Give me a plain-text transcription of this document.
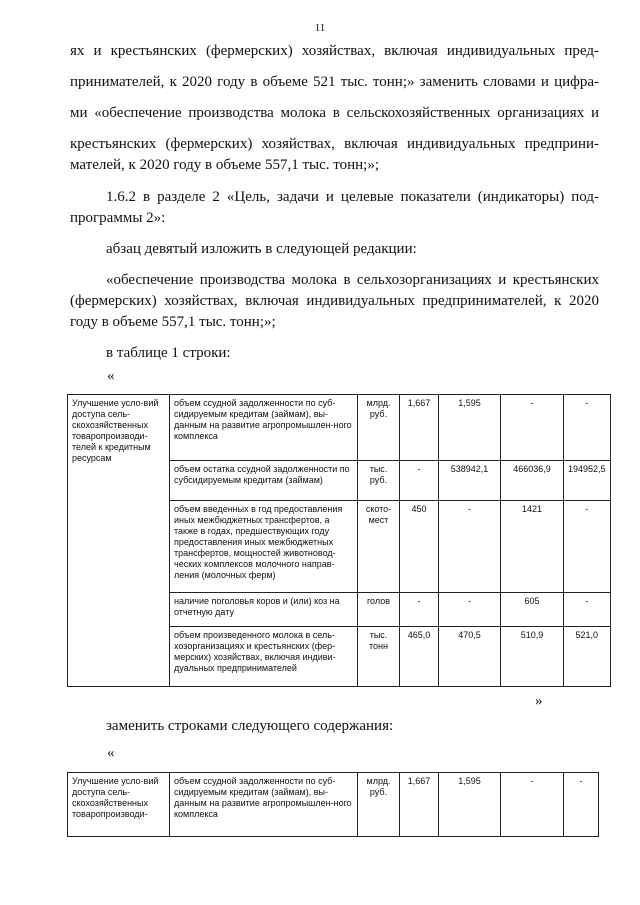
11

ях и крестьянских (фермерских) хозяйствах, включая индивидуальных пред-

принимателей, к 2020 году в объеме 521 тыс. тонн;» заменить словами и цифра-

ми «обеспечение производства молока в сельскохозяйственных организациях и

крестьянских (фермерских) хозяйствах, включая индивидуальных предприни-

мателей, к 2020 году в объеме 557,1 тыс. тонн;»;

1.6.2 в разделе 2 «Цель, задачи и целевые показатели (индикаторы) под-

программы 2»:

абзац девятый изложить в следующей редакции:

«обеспечение производства молока в сельхозорганизациях и крестьянских

(фермерских) хозяйствах, включая индивидуальных предпринимателей, к 2020

году в объеме 557,1 тыс. тонн;»;

в таблице 1 строки:

«
Улучшение усло-вий доступа сель-скохозяйственных товаропроизводи-телей к кредитным ресурсам	объем ссудной задолженности по суб-сидируемым кредитам (займам), вы-данным на развитие агропромышлен-ного комплекса	млрд. руб.	1,667	1,595	-	-
	объем остатка ссудной задолженности по субсидируемым кредитам (займам)	тыс. руб.	-	538942,1	466036,9	194952,5
	объем введенных в год предоставления иных межбюджетных трансфертов, а также в годах, предшествующих году предоставления иных межбюджетных трансфертов, мощностей животновод-ческих комплексов молочного направ-ления (молочных ферм)	ското-мест	450	-	1421	-
	наличие поголовья коров и (или) коз на отчетную дату	голов	-	-	605	-
	объем произведенного молока в сель-хозорганизациях и крестьянских (фер-мерских) хозяйствах, включая индиви-дуальных предпринимателей	тыс. тонн	465,0	470,5	510,9	521,0
»

заменить строками следующего содержания:

«
Улучшение усло-вий доступа сель-скохозяйственных товаропроизводи-	объем ссудной задолженности по суб-сидируемым кредитам (займам), вы-данным на развитие агропромышлен-ного комплекса	млрд. руб.	1,667	1,595	-	-
